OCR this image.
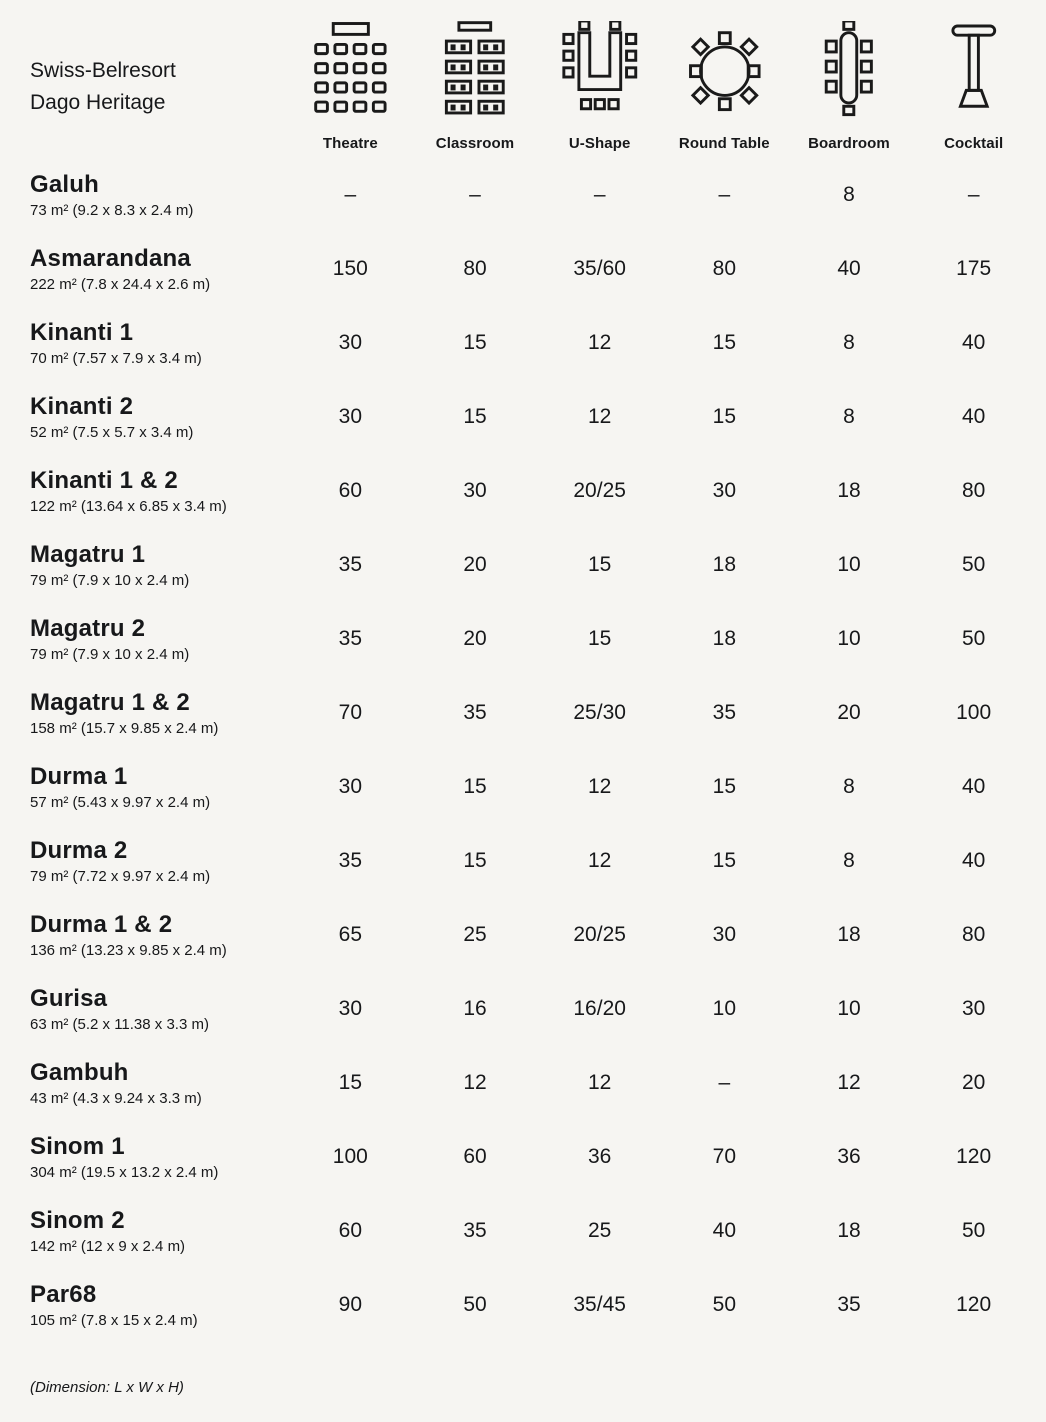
Swiss-Belresort
Dago Heritage
Theatre	Classroom	U-Shape	Round Table	Boardroom	Cocktail
Galuh
73 m² (9.2 x 8.3 x 2.4 m)
–	–	–	–	8	–
Asmarandana
222 m² (7.8 x 24.4 x 2.6 m)
150	80	35/60	80	40	175
Kinanti 1
70 m² (7.57 x 7.9 x 3.4 m)
30	15	12	15	8	40
Kinanti 2
52 m² (7.5 x 5.7 x 3.4 m)
30	15	12	15	8	40
Kinanti 1 & 2
122 m² (13.64 x 6.85 x 3.4 m)
60	30	20/25	30	18	80
Magatru 1
79 m² (7.9 x 10 x 2.4 m)
35	20	15	18	10	50
Magatru 2
79 m² (7.9 x 10 x 2.4 m)
35	20	15	18	10	50
Magatru 1 & 2
158 m² (15.7 x 9.85 x 2.4 m)
70	35	25/30	35	20	100
Durma 1
57 m² (5.43 x 9.97 x 2.4 m)
30	15	12	15	8	40
Durma 2
79 m² (7.72 x 9.97 x 2.4 m)
35	15	12	15	8	40
Durma 1 & 2
136 m² (13.23 x 9.85 x 2.4 m)
65	25	20/25	30	18	80
Gurisa
63 m² (5.2 x 11.38 x 3.3 m)
30	16	16/20	10	10	30
Gambuh
43 m² (4.3 x 9.24 x 3.3 m)
15	12	12	–	12	20
Sinom 1
304 m² (19.5 x 13.2 x 2.4 m)
100	60	36	70	36	120
Sinom 2
142 m² (12 x 9 x 2.4 m)
60	35	25	40	18	50
Par68
105 m² (7.8 x 15 x 2.4 m)
90	50	35/45	50	35	120
(Dimension: L x W x H)
